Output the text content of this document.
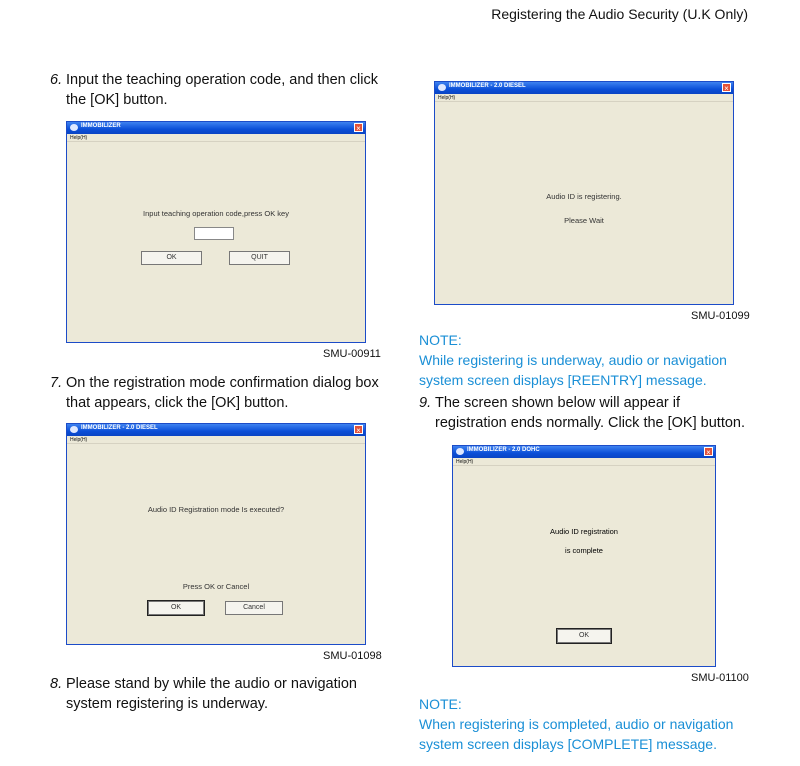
Registering the Audio Security (U.K Only)
6. Input the teaching operation code, and then click the [OK] button.
IMMOBILIZER	×
Help(H)
Input teaching operation code,press OK key
OK	QUIT
SMU-00911
7. On the registration mode confirmation dialog box that appears, click the [OK] button.
IMMOBILIZER - 2.0 DIESEL	×
Help(H)
Audio ID Registration mode Is executed?
Press OK or Cancel
OK	Cancel
SMU-01098
8. Please stand by while the audio or navigation system registering is underway.
IMMOBILIZER - 2.0 DIESEL	×
Help(H)
Audio ID is registering.
Please Wait
SMU-01099
NOTE:
While registering is underway, audio or navigation system screen displays [REENTRY] message.
9. The screen shown below will appear if registration ends normally. Click the [OK] button.
IMMOBILIZER - 2.0 DOHC	×
Help(H)
Audio ID registration
is complete
OK
SMU-01100
NOTE:
When registering is completed, audio or navigation system screen displays [COMPLETE] message.
